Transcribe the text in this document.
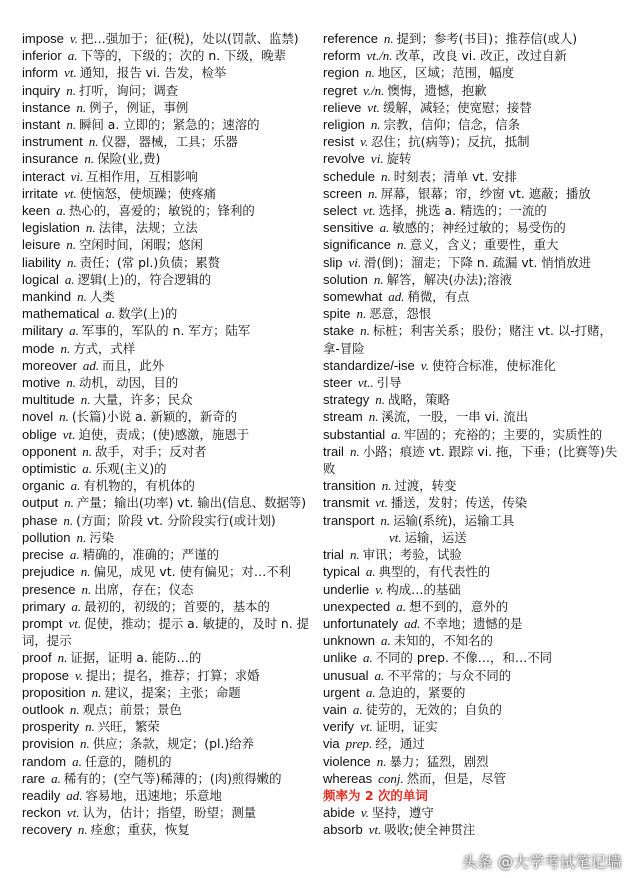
impose v. 把…强加于；征(税)，处以(罚款、监禁)

inferior a. 下等的，下级的；次的 n. 下级，晚辈

inform vt. 通知，报告 vi. 告发，检举

inquiry n. 打听，询问；调查

instance n. 例子，例证，事例

instant n. 瞬间 a. 立即的；紧急的；速溶的

instrument n. 仪器，器械，工具；乐器

insurance n. 保险(业,费)

interact vi. 互相作用，互相影响

irritate vt. 使恼怒，使烦躁；使疼痛

keen a. 热心的，喜爱的；敏锐的；锋利的

legislation n. 法律，法规；立法

leisure n. 空闲时间，闲暇；悠闲

liability n. 责任；(常 pl.)负债；累赘

logical a. 逻辑(上)的，符合逻辑的

mankind n. 人类

mathematical a. 数学(上)的

military a. 军事的，军队的 n. 军方；陆军

mode n. 方式，式样

moreover ad. 而且，此外

motive n. 动机，动因，目的

multitude n. 大量，许多；民众

novel n. (长篇)小说 a. 新颖的，新奇的

oblige vt. 迫使，责成；(使)感激，施恩于

opponent n. 敌手，对手；反对者

optimistic a. 乐观(主义)的

organic a. 有机物的，有机体的

output n. 产量；输出(功率) vt. 输出(信息、数据等)

phase n. (方面；阶段 vt. 分阶段实行(或计划)

pollution n. 污染

precise a. 精确的，准确的；严谨的

prejudice n. 偏见，成见 vt. 使有偏见；对…不利

presence n. 出席，存在；仪态

primary a. 最初的，初级的；首要的，基本的

prompt vt. 促使，推动；提示 a. 敏捷的，及时 n. 提词，提示

proof n. 证据，证明 a. 能防…的

propose v. 提出；提名，推荐；打算；求婚

proposition n. 建议，提案；主张；命题

outlook n. 观点；前景；景色

prosperity n. 兴旺，繁荣

provision n. 供应；条款，规定；(pl.)给养

random a. 任意的，随机的

rare a. 稀有的；(空气等)稀薄的；(肉)煎得嫩的

readily ad. 容易地，迅速地；乐意地

reckon vt. 认为，估计；指望，盼望；测量

recovery n. 痊愈；重获，恢复

reference n. 提到；参考(书目)；推荐信(或人)

reform vt./n. 改革，改良 vi. 改正，改过自新

region n. 地区，区域；范围，幅度

regret v./n. 懊悔，遗憾，抱歉

relieve vt. 缓解，减轻；使宽慰；接替

religion n. 宗教，信仰；信念，信条

resist v. 忍住；抗(病等)；反抗，抵制

revolve vi. 旋转

schedule n. 时刻表；清单 vt. 安排

screen n. 屏幕，银幕；帘，纱窗 vt. 遮蔽；播放

select vt. 选择，挑选 a. 精选的；一流的

sensitive a. 敏感的；神经过敏的；易受伤的

significance n. 意义，含义；重要性，重大

slip vi. 滑(倒)；溜走；下降 n. 疏漏 vt. 悄悄放进

solution n. 解答，解决(办法);溶液

somewhat ad. 稍微，有点

spite n. 恶意，怨恨

stake n. 标桩；利害关系；股份；赌注 vt. 以-打赌，拿-冒险

standardize/-ise v. 使符合标准，使标准化

steer vt.. 引导

strategy n. 战略，策略

stream n. 溪流，一股，一串 vi. 流出

substantial a. 牢固的；充裕的；主要的，实质性的

trail n. 小路；痕迹 vt. 跟踪 vi. 拖，下垂；(比赛等)失败

transition n. 过渡，转变

transmit vt. 播送，发射；传送，传染

transport n. 运输(系统)，运输工具

vt. 运输，运送

trial n. 审讯；考验，试验

typical a. 典型的，有代表性的

underlie v. 构成…的基础

unexpected a. 想不到的，意外的

unfortunately ad. 不幸地；遗憾的是

unknown a. 未知的，不知名的

unlike a. 不同的 prep. 不像…，和…不同

unusual a. 不平常的；与众不同的

urgent a. 急迫的，紧要的

vain a. 徒劳的，无效的；自负的

verify vt. 证明，证实

via prep. 经，通过

violence n. 暴力；猛烈，剧烈

whereas conj. 然而，但是，尽管

频率为 2 次的单词

abide v. 坚持，遵守

absorb vt. 吸收;使全神贯注

头条 @大学考试笔记墙
